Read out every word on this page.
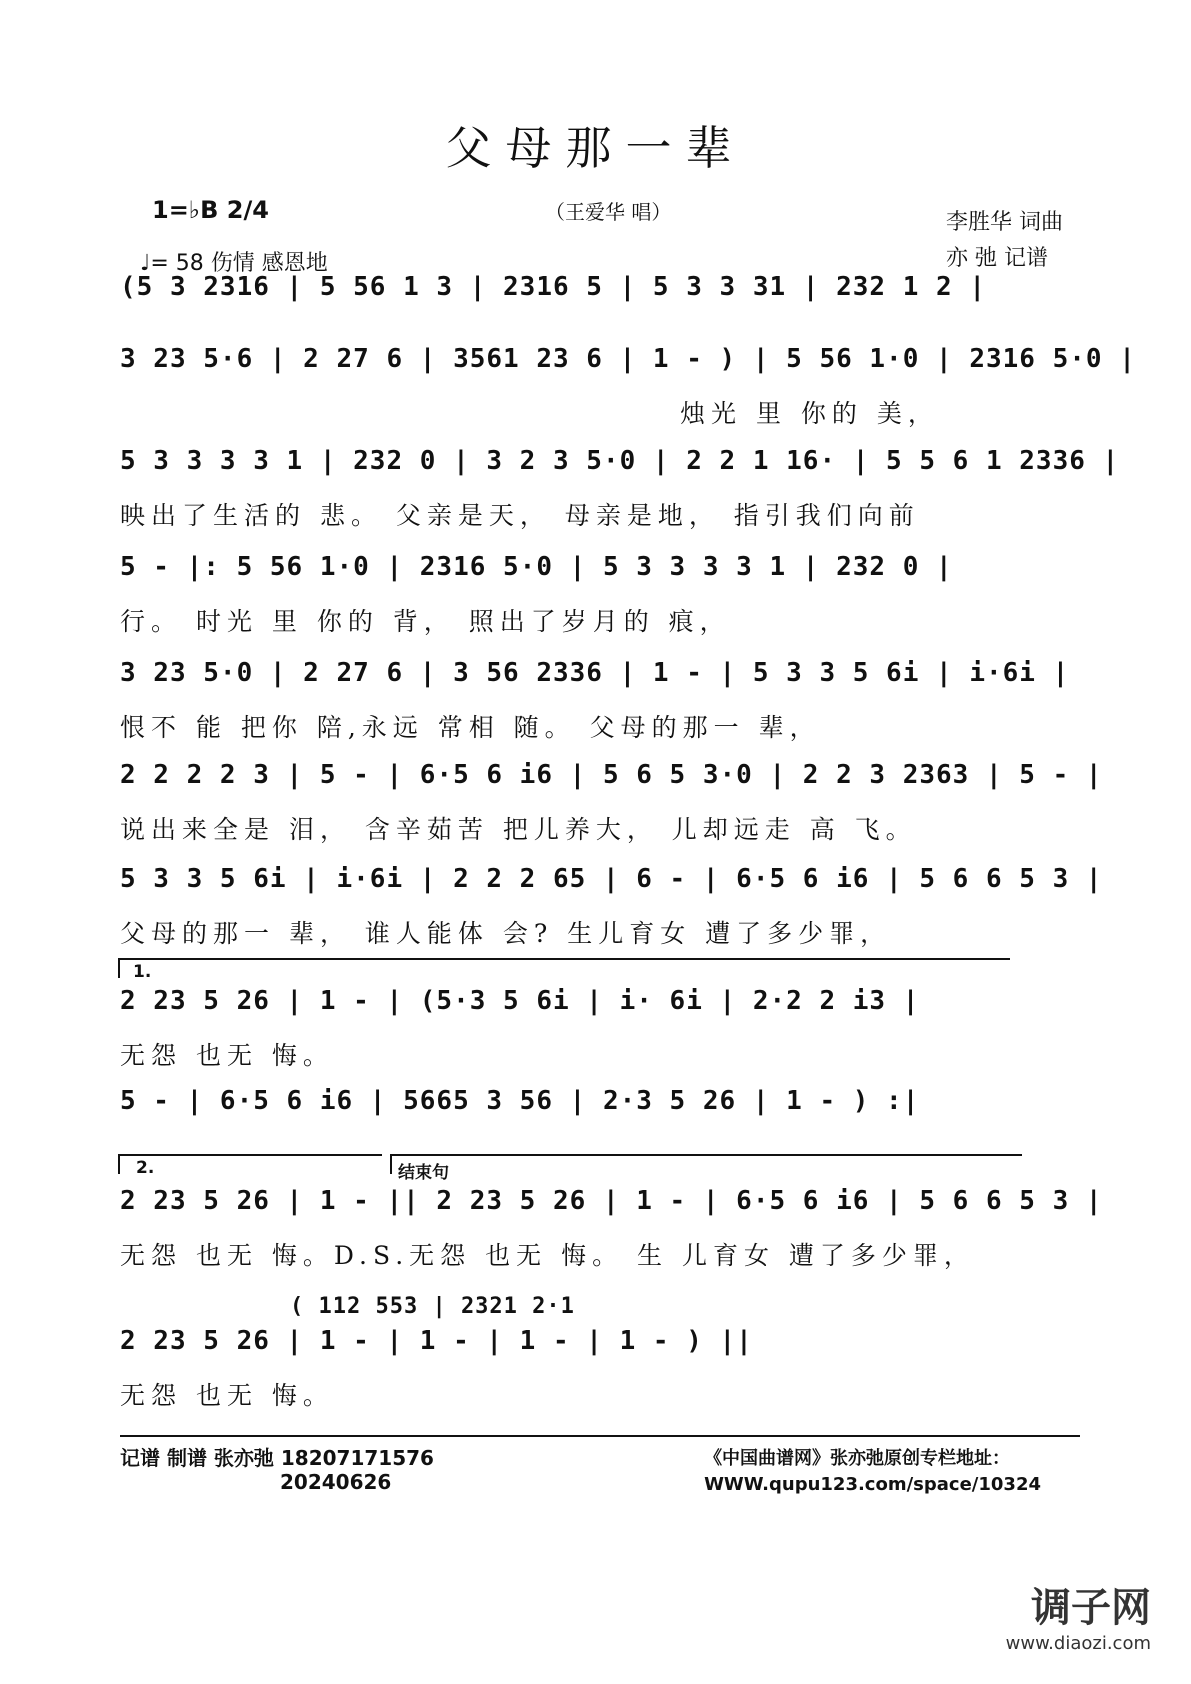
父母那一辈
1=♭B 2/4
♩= 58 伤情 感恩地
（王爱华 唱）	李胜华 词曲
亦 弛 记谱
(5 3 2316 | 5 56 1 3 | 2316 5 | 5 3 3 31 | 232 1 2 |
3 23 5·6 | 2 27 6 | 3561 23 6 | 1 - ) | 5 56 1·0 | 2316 5·0 |
烛光 里 你的 美，
5 3 3 3 3 1 | 232 0 | 3 2 3 5·0 | 2 2 1 16· | 5 5 6 1 2336 |
映出了生活的 悲。 父亲是天， 母亲是地， 指引我们向前
5 - |: 5 56 1·0 | 2316 5·0 | 5 3 3 3 3 1 | 232 0 |
行。 时光 里 你的 背， 照出了岁月的 痕，
3 23 5·0 | 2 27 6 | 3 56 2336 | 1 - | 5 3 3 5 6i | i·6i |
恨不 能 把你 陪,永远 常相 随。 父母的那一 辈，
2 2 2 2 3 | 5 - | 6·5 6 i6 | 5 6 5 3·0 | 2 2 3 2363 | 5 - |
说出来全是 泪， 含辛茹苦 把儿养大， 儿却远走 高 飞。
5 3 3 5 6i | i·6i | 2 2 2 65 | 6 - | 6·5 6 i6 | 5 6 6 5 3 |
父母的那一 辈， 谁人能体 会? 生儿育女 遭了多少罪，
1.
2 23 5 26 | 1 - | (5·3 5 6i | i· 6i | 2·2 2 i3 |
无怨 也无 悔。
5 - | 6·5 6 i6 | 5665 3 56 | 2·3 5 26 | 1 - ) :|
2.	结束句
2 23 5 26 | 1 - || 2 23 5 26 | 1 - | 6·5 6 i6 | 5 6 6 5 3 |
无怨 也无 悔。D.S.无怨 也无 悔。 生 儿育女 遭了多少罪，
( 112 553 | 2321 2·1
2 23 5 26 | 1 - | 1 - | 1 - | 1 - ) ||
无怨 也无 悔。
记谱 制谱 张亦弛 18207171576
20240626
《中国曲谱网》张亦弛原创专栏地址：
WWW.qupu123.com/space/10324
调子网
www.diaozi.com
